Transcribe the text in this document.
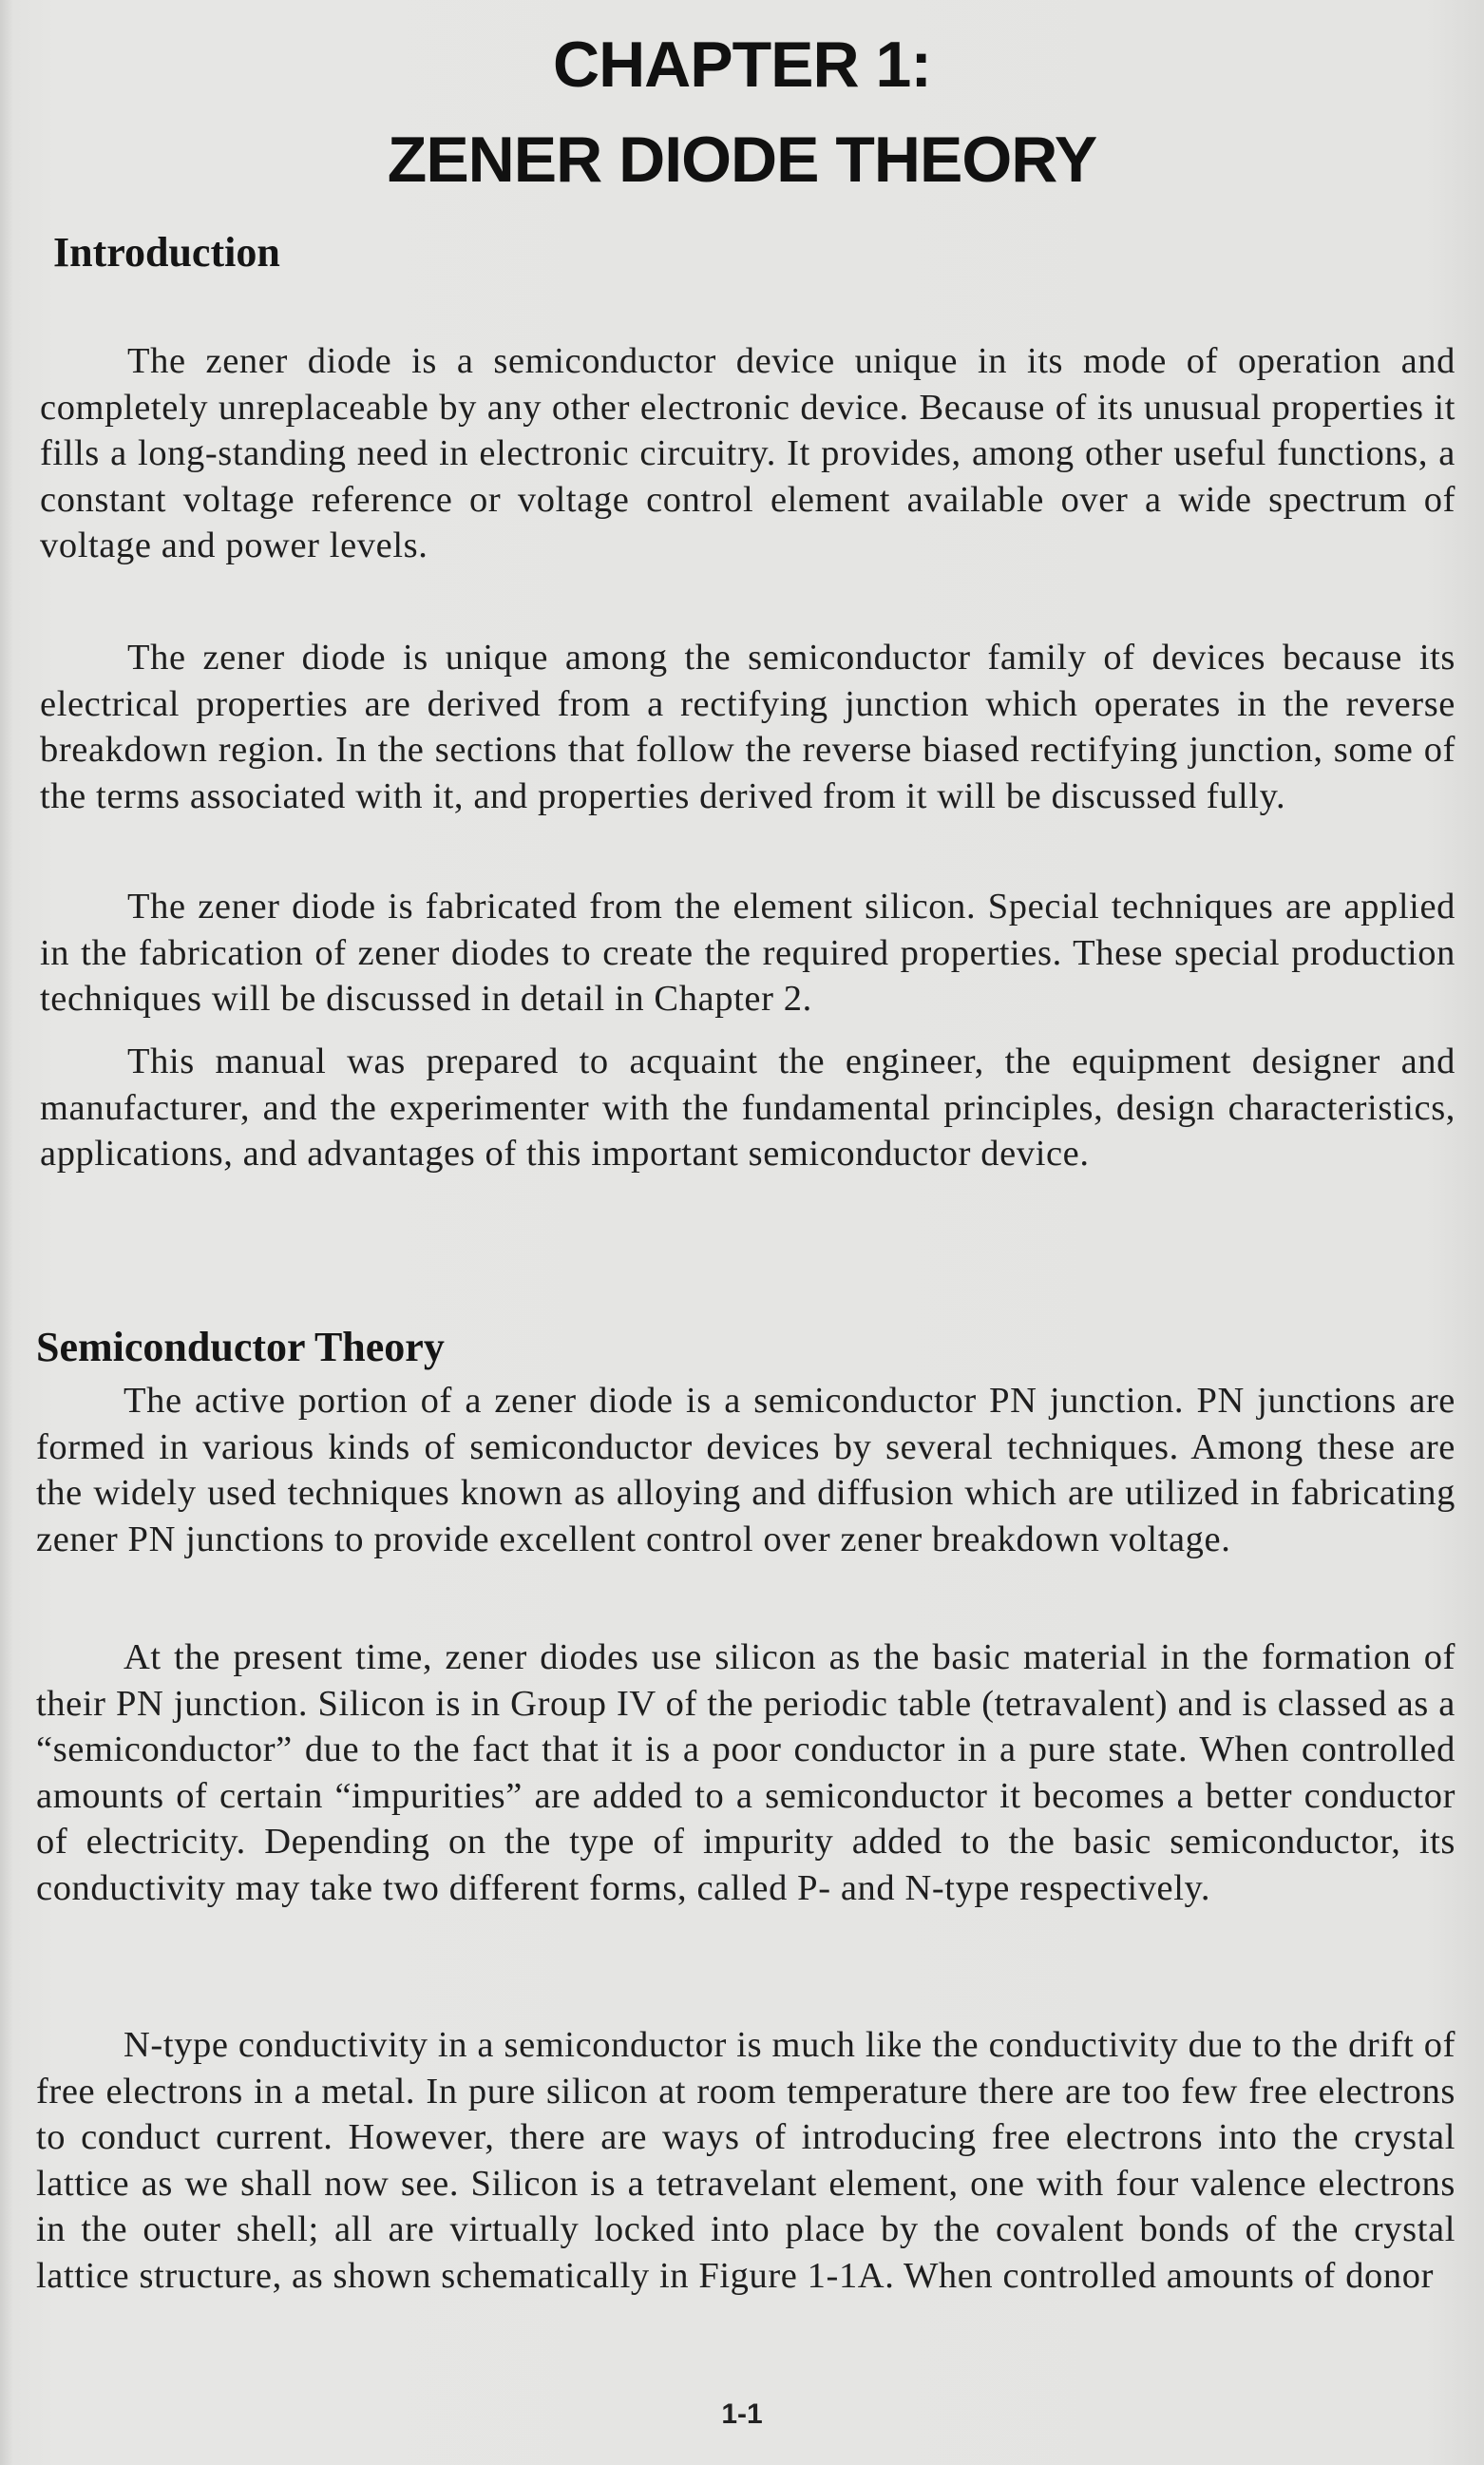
CHAPTER 1:
ZENER DIODE THEORY
Introduction

The zener diode is a semiconductor device unique in its mode of operation and completely unreplaceable by any other electronic device. Because of its unusual properties it fills a long-standing need in electronic circuitry. It provides, among other useful functions, a constant voltage reference or voltage control element available over a wide spectrum of voltage and power levels.

The zener diode is unique among the semiconductor family of devices because its electrical properties are derived from a rectifying junction which operates in the reverse breakdown region. In the sections that follow the reverse biased rectifying junction, some of the terms associated with it, and properties derived from it will be discussed fully.

The zener diode is fabricated from the element silicon. Special techniques are applied in the fabrication of zener diodes to create the required properties. These special production techniques will be discussed in detail in Chapter 2.

This manual was prepared to acquaint the engineer, the equipment designer and manufacturer, and the experimenter with the fundamental principles, design characteristics, applications, and advantages of this important semiconductor device.

Semiconductor Theory

The active portion of a zener diode is a semiconductor PN junction. PN junctions are formed in various kinds of semiconductor devices by several techniques. Among these are the widely used techniques known as alloying and diffusion which are utilized in fabricating zener PN junctions to provide excellent control over zener breakdown voltage.

At the present time, zener diodes use silicon as the basic material in the formation of their PN junction. Silicon is in Group IV of the periodic table (tetravalent) and is classed as a “semiconductor” due to the fact that it is a poor conductor in a pure state. When controlled amounts of certain “impurities” are added to a semiconductor it becomes a better conductor of electricity. Depending on the type of impurity added to the basic semiconductor, its conductivity may take two different forms, called P- and N-type respectively.

N-type conductivity in a semiconductor is much like the conductivity due to the drift of free electrons in a metal. In pure silicon at room temperature there are too few free electrons to conduct current. However, there are ways of introducing free electrons into the crystal lattice as we shall now see. Silicon is a tetravelant element, one with four valence electrons in the outer shell; all are virtually locked into place by the covalent bonds of the crystal lattice structure, as shown schematically in Figure 1-1A. When controlled amounts of donor

1-1
